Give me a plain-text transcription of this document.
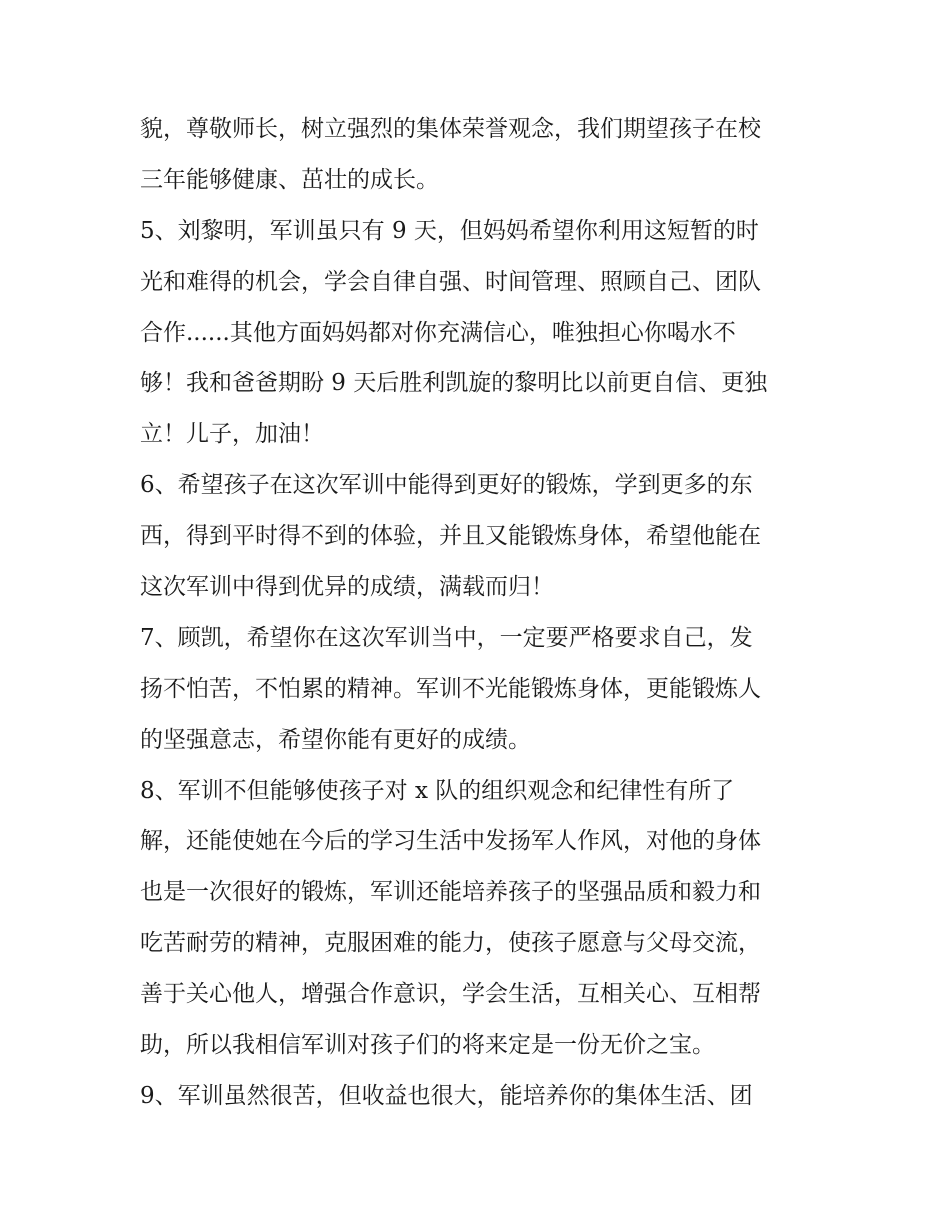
貌，尊敬师长，树立强烈的集体荣誉观念，我们期望孩子在校
三年能够健康、茁壮的成长。
5、刘黎明，军训虽只有 9 天，但妈妈希望你利用这短暂的时
光和难得的机会，学会自律自强、时间管理、照顾自己、团队
合作......其他方面妈妈都对你充满信心，唯独担心你喝水不
够！我和爸爸期盼 9 天后胜利凯旋的黎明比以前更自信、更独
立！儿子，加油！
6、希望孩子在这次军训中能得到更好的锻炼，学到更多的东
西，得到平时得不到的体验，并且又能锻炼身体，希望他能在
这次军训中得到优异的成绩，满载而归！
7、顾凯，希望你在这次军训当中，一定要严格要求自己，发
扬不怕苦，不怕累的精神。军训不光能锻炼身体，更能锻炼人
的坚强意志，希望你能有更好的成绩。
8、军训不但能够使孩子对 x 队的组织观念和纪律性有所了
解，还能使她在今后的学习生活中发扬军人作风，对他的身体
也是一次很好的锻炼，军训还能培养孩子的坚强品质和毅力和
吃苦耐劳的精神，克服困难的能力，使孩子愿意与父母交流，
善于关心他人，增强合作意识，学会生活，互相关心、互相帮
助，所以我相信军训对孩子们的将来定是一份无价之宝。
9、军训虽然很苦，但收益也很大，能培养你的集体生活、团
